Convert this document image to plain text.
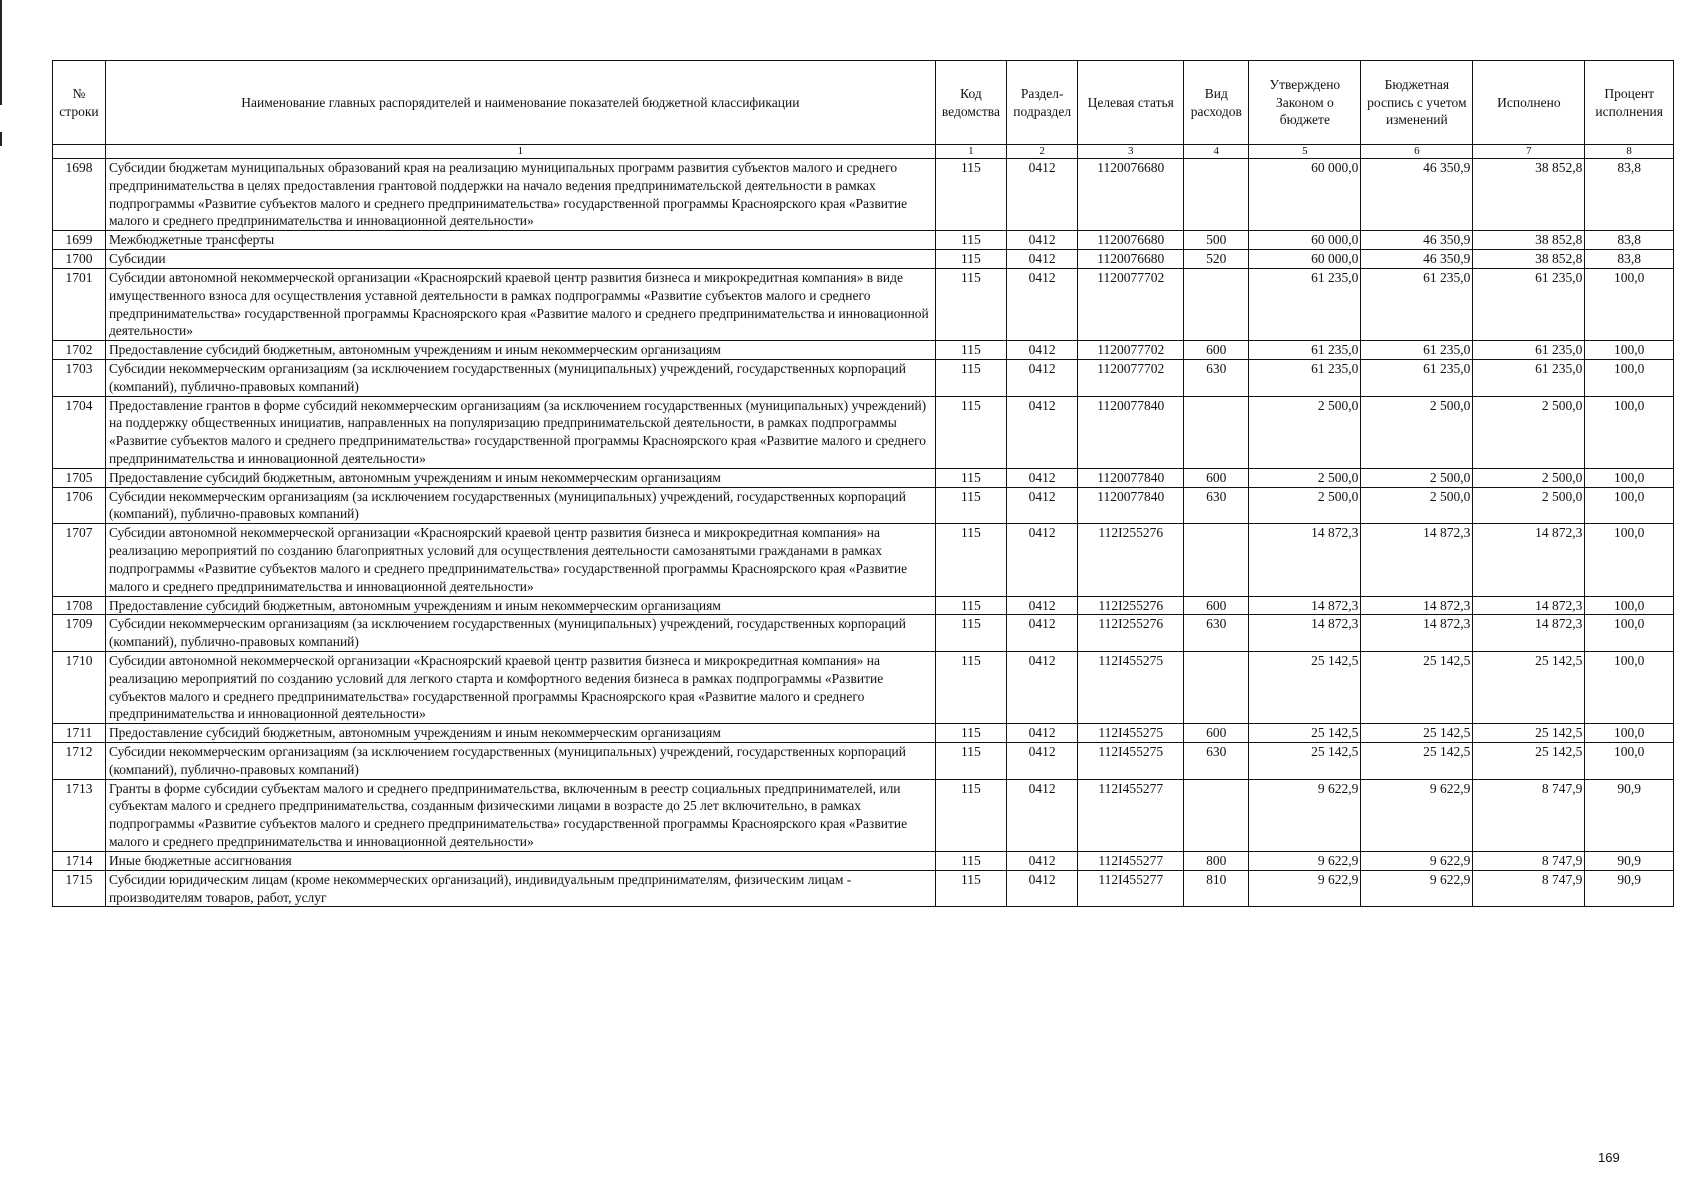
№ строки	Наименование главных распорядителей и наименование показателей бюджетной классификации	Код ведомства	Раздел-подраздел	Целевая статья	Вид расходов	Утверждено Законом о бюджете	Бюджетная роспись с учетом изменений	Исполнено	Процент исполнения
	1	1	2	3	4	5	6	7	8
1698	Субсидии бюджетам муниципальных образований края на реализацию муниципальных программ развития субъектов малого и среднего предпринимательства в целях предоставления грантовой поддержки на начало ведения предпринимательской деятельности в рамках подпрограммы «Развитие субъектов малого и среднего предпринимательства» государственной программы Красноярского края «Развитие малого и среднего предпринимательства и инновационной деятельности»	115	0412	1120076680		60 000,0	46 350,9	38 852,8	83,8
1699	Межбюджетные трансферты	115	0412	1120076680	500	60 000,0	46 350,9	38 852,8	83,8
1700	Субсидии	115	0412	1120076680	520	60 000,0	46 350,9	38 852,8	83,8
1701	Субсидии автономной некоммерческой организации «Красноярский краевой центр развития бизнеса и микрокредитная компания» в виде имущественного взноса для осуществления уставной деятельности в рамках подпрограммы «Развитие субъектов малого и среднего предпринимательства» государственной программы Красноярского края «Развитие малого и среднего предпринимательства и инновационной деятельности»	115	0412	1120077702		61 235,0	61 235,0	61 235,0	100,0
1702	Предоставление субсидий бюджетным, автономным учреждениям и иным некоммерческим организациям	115	0412	1120077702	600	61 235,0	61 235,0	61 235,0	100,0
1703	Субсидии некоммерческим организациям (за исключением государственных (муниципальных) учреждений, государственных корпораций (компаний), публично-правовых компаний)	115	0412	1120077702	630	61 235,0	61 235,0	61 235,0	100,0
1704	Предоставление грантов в форме субсидий некоммерческим организациям (за исключением государственных (муниципальных) учреждений) на поддержку общественных инициатив, направленных на популяризацию предпринимательской деятельности, в рамках подпрограммы «Развитие субъектов малого и среднего предпринимательства» государственной программы Красноярского края «Развитие малого и среднего предпринимательства и инновационной деятельности»	115	0412	1120077840		2 500,0	2 500,0	2 500,0	100,0
1705	Предоставление субсидий бюджетным, автономным учреждениям и иным некоммерческим организациям	115	0412	1120077840	600	2 500,0	2 500,0	2 500,0	100,0
1706	Субсидии некоммерческим организациям (за исключением государственных (муниципальных) учреждений, государственных корпораций (компаний), публично-правовых компаний)	115	0412	1120077840	630	2 500,0	2 500,0	2 500,0	100,0
1707	Субсидии автономной некоммерческой организации «Красноярский краевой центр развития бизнеса и микрокредитная компания» на реализацию мероприятий по созданию благоприятных условий для осуществления деятельности самозанятыми гражданами в рамках подпрограммы «Развитие субъектов малого и среднего предпринимательства» государственной программы Красноярского края «Развитие малого и среднего предпринимательства и инновационной деятельности»	115	0412	112I255276		14 872,3	14 872,3	14 872,3	100,0
1708	Предоставление субсидий бюджетным, автономным учреждениям и иным некоммерческим организациям	115	0412	112I255276	600	14 872,3	14 872,3	14 872,3	100,0
1709	Субсидии некоммерческим организациям (за исключением государственных (муниципальных) учреждений, государственных корпораций (компаний), публично-правовых компаний)	115	0412	112I255276	630	14 872,3	14 872,3	14 872,3	100,0
1710	Субсидии автономной некоммерческой организации «Красноярский краевой центр развития бизнеса и микрокредитная компания» на реализацию мероприятий по созданию условий для легкого старта и комфортного ведения бизнеса в рамках подпрограммы «Развитие субъектов малого и среднего предпринимательства» государственной программы Красноярского края «Развитие малого и среднего предпринимательства и инновационной деятельности»	115	0412	112I455275		25 142,5	25 142,5	25 142,5	100,0
1711	Предоставление субсидий бюджетным, автономным учреждениям и иным некоммерческим организациям	115	0412	112I455275	600	25 142,5	25 142,5	25 142,5	100,0
1712	Субсидии некоммерческим организациям (за исключением государственных (муниципальных) учреждений, государственных корпораций (компаний), публично-правовых компаний)	115	0412	112I455275	630	25 142,5	25 142,5	25 142,5	100,0
1713	Гранты в форме субсидии субъектам малого и среднего предпринимательства, включенным в реестр социальных предпринимателей, или субъектам малого и среднего предпринимательства, созданным физическими лицами в возрасте до 25 лет включительно, в рамках подпрограммы «Развитие субъектов малого и среднего предпринимательства» государственной программы Красноярского края «Развитие малого и среднего предпринимательства и инновационной деятельности»	115	0412	112I455277		9 622,9	9 622,9	8 747,9	90,9
1714	Иные бюджетные ассигнования	115	0412	112I455277	800	9 622,9	9 622,9	8 747,9	90,9
1715	Субсидии юридическим лицам (кроме некоммерческих организаций), индивидуальным предпринимателям, физическим лицам - производителям товаров, работ, услуг	115	0412	112I455277	810	9 622,9	9 622,9	8 747,9	90,9
169
